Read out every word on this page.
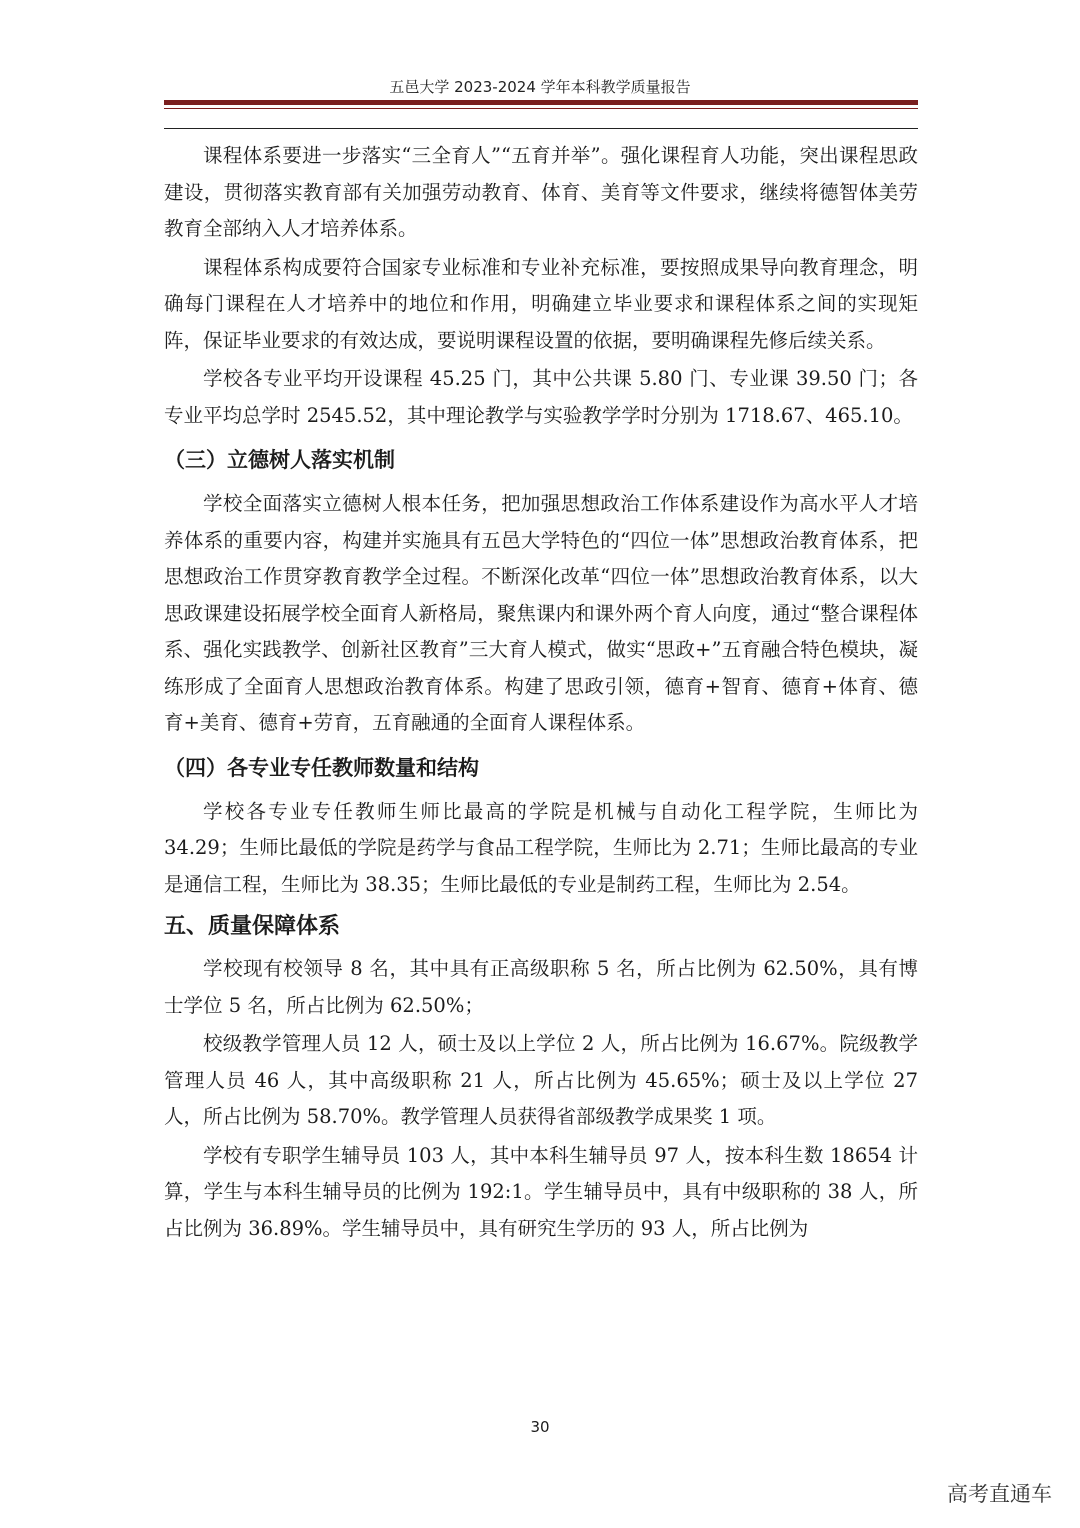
五邑大学 2023-2024 学年本科教学质量报告

课程体系要进一步落实“三全育人”“五育并举”。强化课程育人功能，突出课程思政建设，贯彻落实教育部有关加强劳动教育、体育、美育等文件要求，继续将德智体美劳教育全部纳入人才培养体系。

课程体系构成要符合国家专业标准和专业补充标准，要按照成果导向教育理念，明确每门课程在人才培养中的地位和作用，明确建立毕业要求和课程体系之间的实现矩阵，保证毕业要求的有效达成，要说明课程设置的依据，要明确课程先修后续关系。

学校各专业平均开设课程 45.25 门，其中公共课 5.80 门、专业课 39.50 门；各专业平均总学时 2545.52，其中理论教学与实验教学学时分别为 1718.67、465.10。

（三）立德树人落实机制

学校全面落实立德树人根本任务，把加强思想政治工作体系建设作为高水平人才培养体系的重要内容，构建并实施具有五邑大学特色的“四位一体”思想政治教育体系，把思想政治工作贯穿教育教学全过程。不断深化改革“四位一体”思想政治教育体系，以大思政课建设拓展学校全面育人新格局，聚焦课内和课外两个育人向度，通过“整合课程体系、强化实践教学、创新社区教育”三大育人模式，做实“思政+”五育融合特色模块，凝练形成了全面育人思想政治教育体系。构建了思政引领，德育+智育、德育+体育、德育+美育、德育+劳育，五育融通的全面育人课程体系。

（四）各专业专任教师数量和结构

学校各专业专任教师生师比最高的学院是机械与自动化工程学院，生师比为 34.29；生师比最低的学院是药学与食品工程学院，生师比为 2.71；生师比最高的专业是通信工程，生师比为 38.35；生师比最低的专业是制药工程，生师比为 2.54。

五、质量保障体系

学校现有校领导 8 名，其中具有正高级职称 5 名，所占比例为 62.50%，具有博士学位 5 名，所占比例为 62.50%；

校级教学管理人员 12 人，硕士及以上学位 2 人，所占比例为 16.67%。院级教学管理人员 46 人，其中高级职称 21 人，所占比例为 45.65%；硕士及以上学位 27 人，所占比例为 58.70%。教学管理人员获得省部级教学成果奖 1 项。

学校有专职学生辅导员 103 人，其中本科生辅导员 97 人，按本科生数 18654 计算，学生与本科生辅导员的比例为 192:1。学生辅导员中，具有中级职称的 38 人，所占比例为 36.89%。学生辅导员中，具有研究生学历的 93 人，所占比例为

30
高考直通车
